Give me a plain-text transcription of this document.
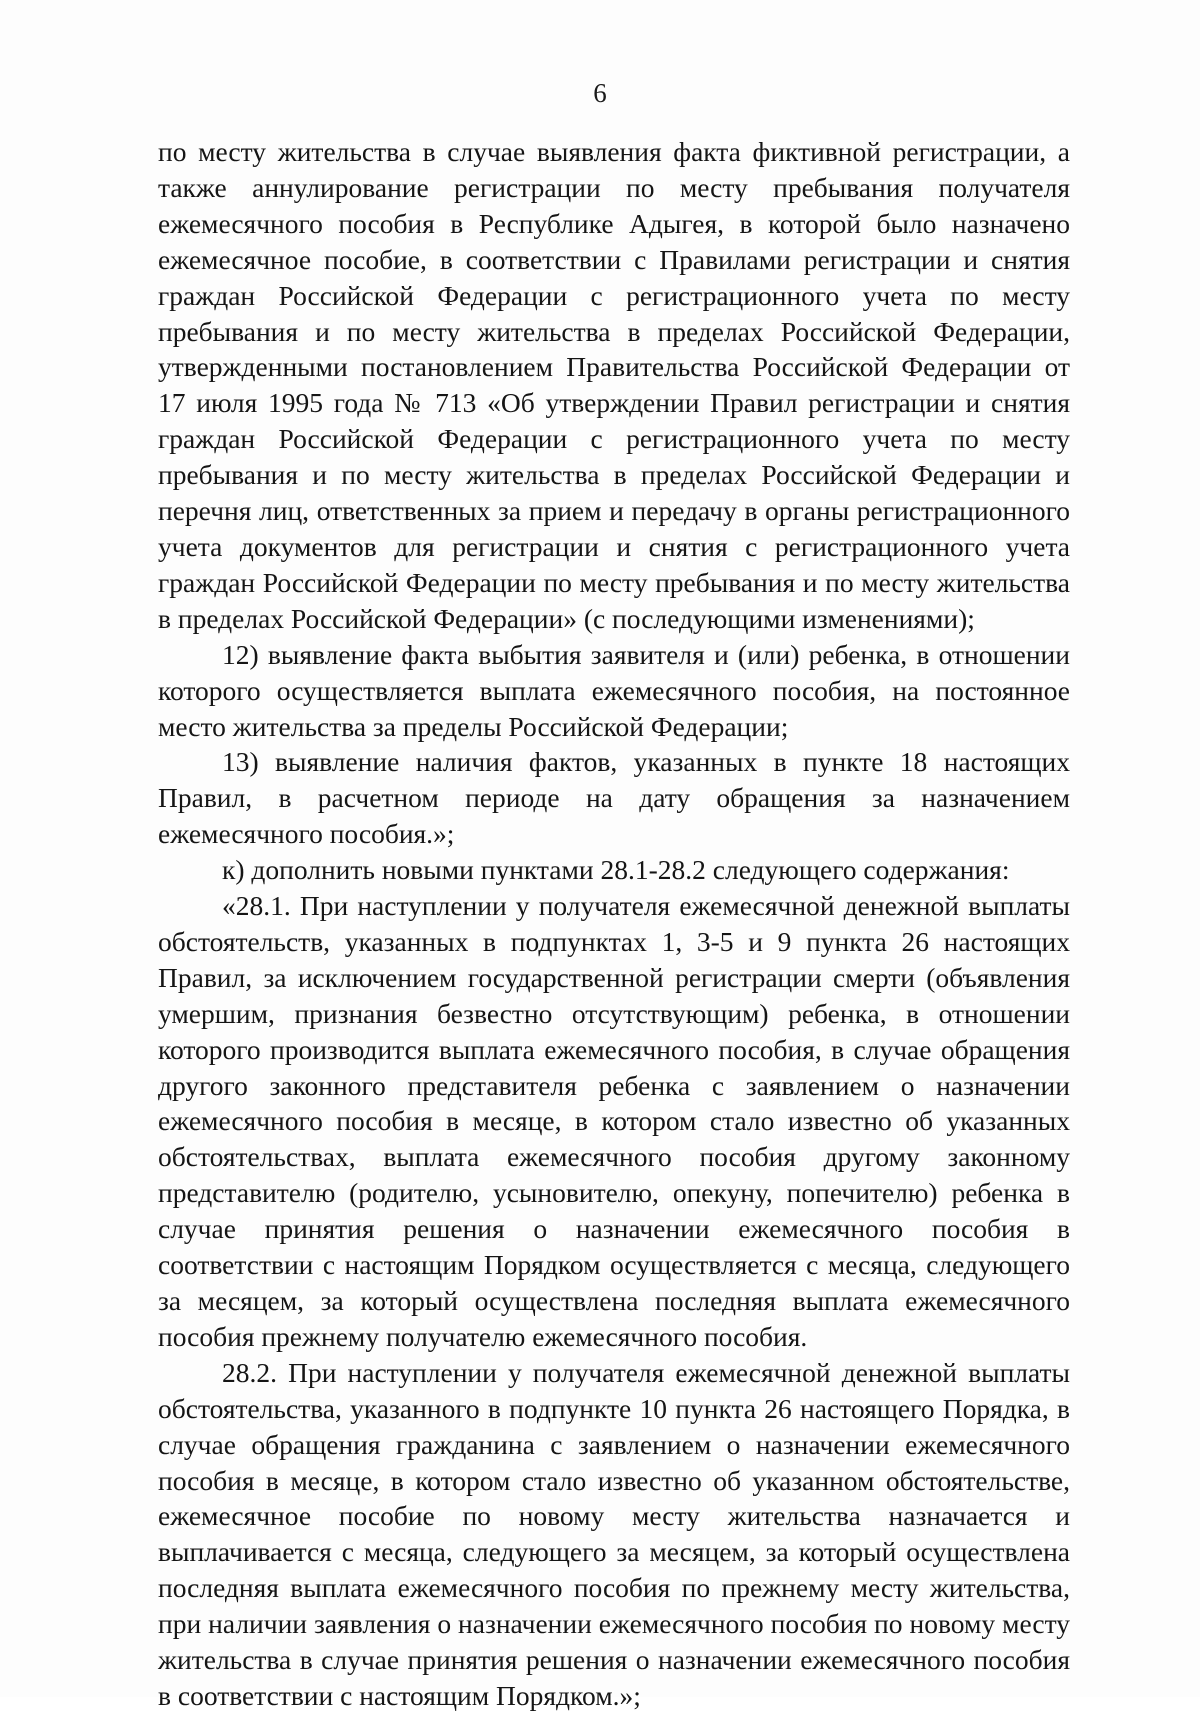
6

по месту жительства в случае выявления факта фиктивной регистрации, а также аннулирование регистрации по месту пребывания получателя ежемесячного пособия в Республике Адыгея, в которой было назначено ежемесячное пособие, в соответствии с Правилами регистрации и снятия граждан Российской Федерации с регистрационного учета по месту пребывания и по месту жительства в пределах Российской Федерации, утвержденными постановлением Правительства Российской Федерации от 17 июля 1995 года № 713 «Об утверждении Правил регистрации и снятия граждан Российской Федерации с регистрационного учета по месту пребывания и по месту жительства в пределах Российской Федерации и перечня лиц, ответственных за прием и передачу в органы регистрационного учета документов для регистрации и снятия с регистрационного учета граждан Российской Федерации по месту пребывания и по месту жительства в пределах Российской Федерации» (с последующими изменениями);

12) выявление факта выбытия заявителя и (или) ребенка, в отношении которого осуществляется выплата ежемесячного пособия, на постоянное место жительства за пределы Российской Федерации;

13) выявление наличия фактов, указанных в пункте 18 настоящих Правил, в расчетном периоде на дату обращения за назначением ежемесячного пособия.»;

к) дополнить новыми пунктами 28.1-28.2 следующего содержания:

«28.1. При наступлении у получателя ежемесячной денежной выплаты обстоятельств, указанных в подпунктах 1, 3-5 и 9 пункта 26 настоящих Правил, за исключением государственной регистрации смерти (объявления умершим, признания безвестно отсутствующим) ребенка, в отношении которого производится выплата ежемесячного пособия, в случае обращения другого законного представителя ребенка с заявлением о назначении ежемесячного пособия в месяце, в котором стало известно об указанных обстоятельствах, выплата ежемесячного пособия другому законному представителю (родителю, усыновителю, опекуну, попечителю) ребенка в случае принятия решения о назначении ежемесячного пособия в соответствии с настоящим Порядком осуществляется с месяца, следующего за месяцем, за который осуществлена последняя выплата ежемесячного пособия прежнему получателю ежемесячного пособия.

28.2. При наступлении у получателя ежемесячной денежной выплаты обстоятельства, указанного в подпункте 10 пункта 26 настоящего Порядка, в случае обращения гражданина с заявлением о назначении ежемесячного пособия в месяце, в котором стало известно об указанном обстоятельстве, ежемесячное пособие по новому месту жительства назначается и выплачивается с месяца, следующего за месяцем, за который осуществлена последняя выплата ежемесячного пособия по прежнему месту жительства, при наличии заявления о назначении ежемесячного пособия по новому месту жительства в случае принятия решения о назначении ежемесячного пособия в соответствии с настоящим Порядком.»;
